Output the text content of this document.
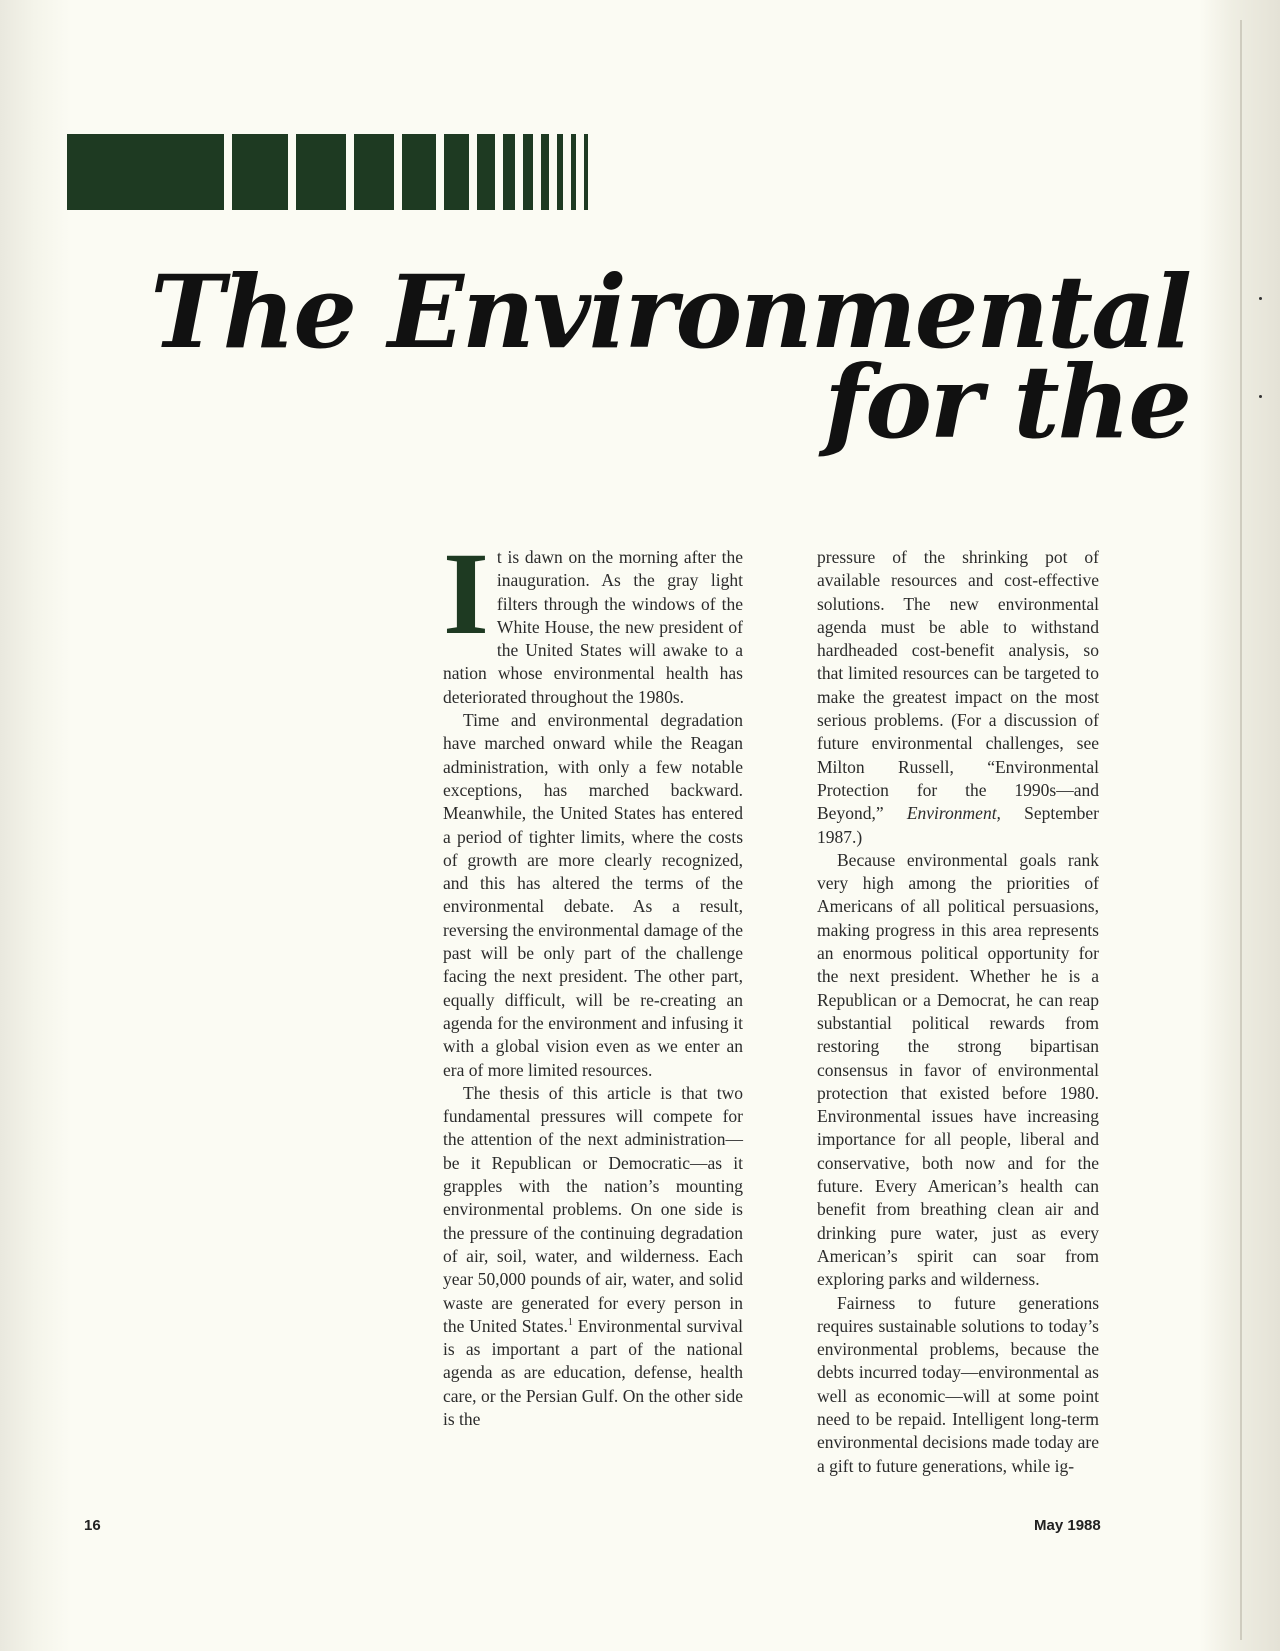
The Environmental
for the

It is dawn on the morning after the inauguration. As the gray light filters through the windows of the White House, the new president of the United States will awake to a nation whose environmental health has deteriorated throughout the 1980s.

Time and environmental degradation have marched onward while the Reagan administration, with only a few notable exceptions, has marched backward. Meanwhile, the United States has entered a period of tighter limits, where the costs of growth are more clearly recognized, and this has altered the terms of the environmental debate. As a result, reversing the environmental damage of the past will be only part of the challenge facing the next president. The other part, equally difficult, will be re-creating an agenda for the environment and infusing it with a global vision even as we enter an era of more limited resources.

The thesis of this article is that two fundamental pressures will compete for the attention of the next administration—be it Republican or Democratic—as it grapples with the nation’s mounting environmental problems. On one side is the pressure of the continuing degradation of air, soil, water, and wilderness. Each year 50,000 pounds of air, water, and solid waste are generated for every person in the United States.$^1$ Environmental survival is as important a part of the national agenda as are education, defense, health care, or the Persian Gulf. On the other side is the

pressure of the shrinking pot of available resources and cost-effective solutions. The new environmental agenda must be able to withstand hardheaded cost-benefit analysis, so that limited resources can be targeted to make the greatest impact on the most serious problems. (For a discussion of future environmental challenges, see Milton Russell, “Environmental Protection for the 1990s—and Beyond,” Environment, September 1987.)

Because environmental goals rank very high among the priorities of Americans of all political persuasions, making progress in this area represents an enormous political opportunity for the next president. Whether he is a Republican or a Democrat, he can reap substantial political rewards from restoring the strong bipartisan consensus in favor of environmental protection that existed before 1980. Environmental issues have increasing importance for all people, liberal and conservative, both now and for the future. Every American’s health can benefit from breathing clean air and drinking pure water, just as every American’s spirit can soar from exploring parks and wilderness.

Fairness to future generations requires sustainable solutions to today’s environmental problems, because the debts incurred today—environmental as well as economic—will at some point need to be repaid. Intelligent long-term environmental decisions made today are a gift to future generations, while ig-

16	May 1988
